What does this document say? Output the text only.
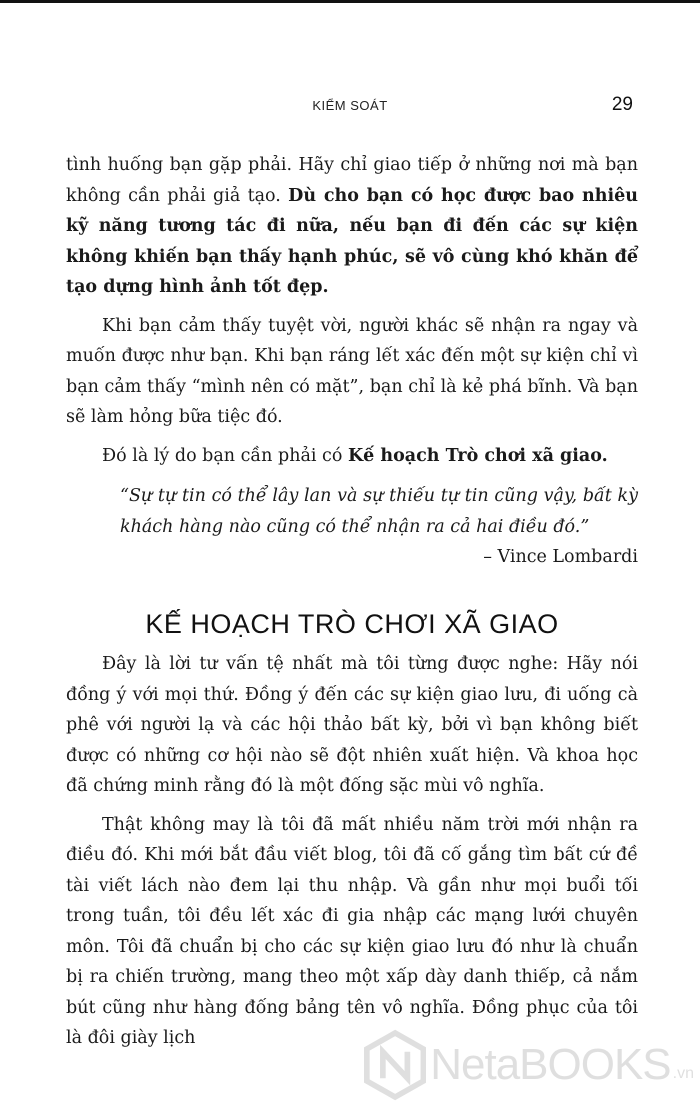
KIỂM SOÁT	29

tình huống bạn gặp phải. Hãy chỉ giao tiếp ở những nơi mà bạn không cần phải giả tạo. Dù cho bạn có học được bao nhiêu kỹ năng tương tác đi nữa, nếu bạn đi đến các sự kiện không khiến bạn thấy hạnh phúc, sẽ vô cùng khó khăn để tạo dựng hình ảnh tốt đẹp.

Khi bạn cảm thấy tuyệt vời, người khác sẽ nhận ra ngay và muốn được như bạn. Khi bạn ráng lết xác đến một sự kiện chỉ vì bạn cảm thấy “mình nên có mặt”, bạn chỉ là kẻ phá bĩnh. Và bạn sẽ làm hỏng bữa tiệc đó.

Đó là lý do bạn cần phải có Kế hoạch Trò chơi xã giao.

“Sự tự tin có thể lây lan và sự thiếu tự tin cũng vậy, bất kỳ khách hàng nào cũng có thể nhận ra cả hai điều đó.”

– Vince Lombardi

KẾ HOẠCH TRÒ CHƠI XÃ GIAO

Đây là lời tư vấn tệ nhất mà tôi từng được nghe: Hãy nói đồng ý với mọi thứ. Đồng ý đến các sự kiện giao lưu, đi uống cà phê với người lạ và các hội thảo bất kỳ, bởi vì bạn không biết được có những cơ hội nào sẽ đột nhiên xuất hiện. Và khoa học đã chứng minh rằng đó là một đống sặc mùi vô nghĩa.

Thật không may là tôi đã mất nhiều năm trời mới nhận ra điều đó. Khi mới bắt đầu viết blog, tôi đã cố gắng tìm bất cứ đề tài viết lách nào đem lại thu nhập. Và gần như mọi buổi tối trong tuần, tôi đều lết xác đi gia nhập các mạng lưới chuyên môn. Tôi đã chuẩn bị cho các sự kiện giao lưu đó như là chuẩn bị ra chiến trường, mang theo một xấp dày danh thiếp, cả nắm bút cũng như hàng đống bảng tên vô nghĩa. Đồng phục của tôi là đôi giày lịch

NetaBOOKS .vn
